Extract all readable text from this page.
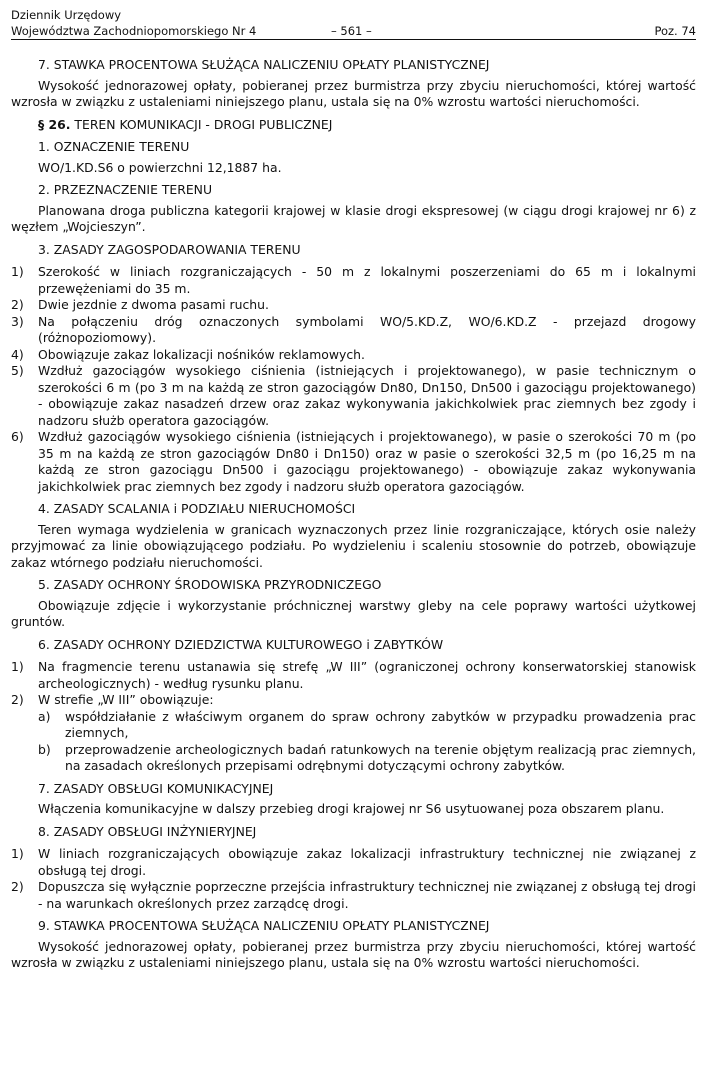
Dziennik Urzędowy
Województwa Zachodniopomorskiego Nr 4	– 561 –	Poz. 74
7. STAWKA PROCENTOWA SŁUŻĄCA NALICZENIU OPŁATY PLANISTYCZNEJ

Wysokość jednorazowej opłaty, pobieranej przez burmistrza przy zbyciu nieruchomości, której wartość wzrosła w związku z ustaleniami niniejszego planu, ustala się na 0% wzrostu wartości nieruchomości.

§ 26. TEREN KOMUNIKACJI - DROGI PUBLICZNEJ
1. OZNACZENIE TERENU

WO/1.KD.S6 o powierzchni 12,1887 ha.

2. PRZEZNACZENIE TERENU

Planowana droga publiczna kategorii krajowej w klasie drogi ekspresowej (w ciągu drogi krajowej nr 6) z węzłem „Wojcieszyn”.

3. ZASADY ZAGOSPODAROWANIA TERENU
1) Szerokość w liniach rozgraniczających - 50 m z lokalnymi poszerzeniami do 65 m i lokalnymi przewężeniami do 35 m.
2) Dwie jezdnie z dwoma pasami ruchu.
3) Na połączeniu dróg oznaczonych symbolami WO/5.KD.Z, WO/6.KD.Z - przejazd drogowy (różnopoziomowy).
4) Obowiązuje zakaz lokalizacji nośników reklamowych.
5) Wzdłuż gazociągów wysokiego ciśnienia (istniejących i projektowanego), w pasie technicznym o szerokości 6 m (po 3 m na każdą ze stron gazociągów Dn80, Dn150, Dn500 i gazociągu projektowanego) - obowiązuje zakaz nasadzeń drzew oraz zakaz wykonywania jakichkolwiek prac ziemnych bez zgody i nadzoru służb operatora gazociągów.
6) Wzdłuż gazociągów wysokiego ciśnienia (istniejących i projektowanego), w pasie o szerokości 70 m (po 35 m na każdą ze stron gazociągów Dn80 i Dn150) oraz w pasie o szerokości 32,5 m (po 16,25 m na każdą ze stron gazociągu Dn500 i gazociągu projektowanego) - obowiązuje zakaz wykonywania jakichkolwiek prac ziemnych bez zgody i nadzoru służb operatora gazociągów.
4. ZASADY SCALANIA i PODZIAŁU NIERUCHOMOŚCI

Teren wymaga wydzielenia w granicach wyznaczonych przez linie rozgraniczające, których osie należy przyjmować za linie obowiązującego podziału. Po wydzieleniu i scaleniu stosownie do potrzeb, obowiązuje zakaz wtórnego podziału nieruchomości.

5. ZASADY OCHRONY ŚRODOWISKA PRZYRODNICZEGO

Obowiązuje zdjęcie i wykorzystanie próchnicznej warstwy gleby na cele poprawy wartości użytkowej gruntów.

6. ZASADY OCHRONY DZIEDZICTWA KULTUROWEGO i ZABYTKÓW
1) Na fragmencie terenu ustanawia się strefę „W III” (ograniczonej ochrony konserwatorskiej stanowisk archeologicznych) - według rysunku planu.
2) W strefie „W III” obowiązuje:
a) współdziałanie z właściwym organem do spraw ochrony zabytków w przypadku prowadzenia prac ziemnych,
b) przeprowadzenie archeologicznych badań ratunkowych na terenie objętym realizacją prac ziemnych, na zasadach określonych przepisami odrębnymi dotyczącymi ochrony zabytków.
7. ZASADY OBSŁUGI KOMUNIKACYJNEJ

Włączenia komunikacyjne w dalszy przebieg drogi krajowej nr S6 usytuowanej poza obszarem planu.

8. ZASADY OBSŁUGI INŻYNIERYJNEJ
1) W liniach rozgraniczających obowiązuje zakaz lokalizacji infrastruktury technicznej nie związanej z obsługą tej drogi.
2) Dopuszcza się wyłącznie poprzeczne przejścia infrastruktury technicznej nie związanej z obsługą tej drogi - na warunkach określonych przez zarządcę drogi.
9. STAWKA PROCENTOWA SŁUŻĄCA NALICZENIU OPŁATY PLANISTYCZNEJ

Wysokość jednorazowej opłaty, pobieranej przez burmistrza przy zbyciu nieruchomości, której wartość wzrosła w związku z ustaleniami niniejszego planu, ustala się na 0% wzrostu wartości nieruchomości.
